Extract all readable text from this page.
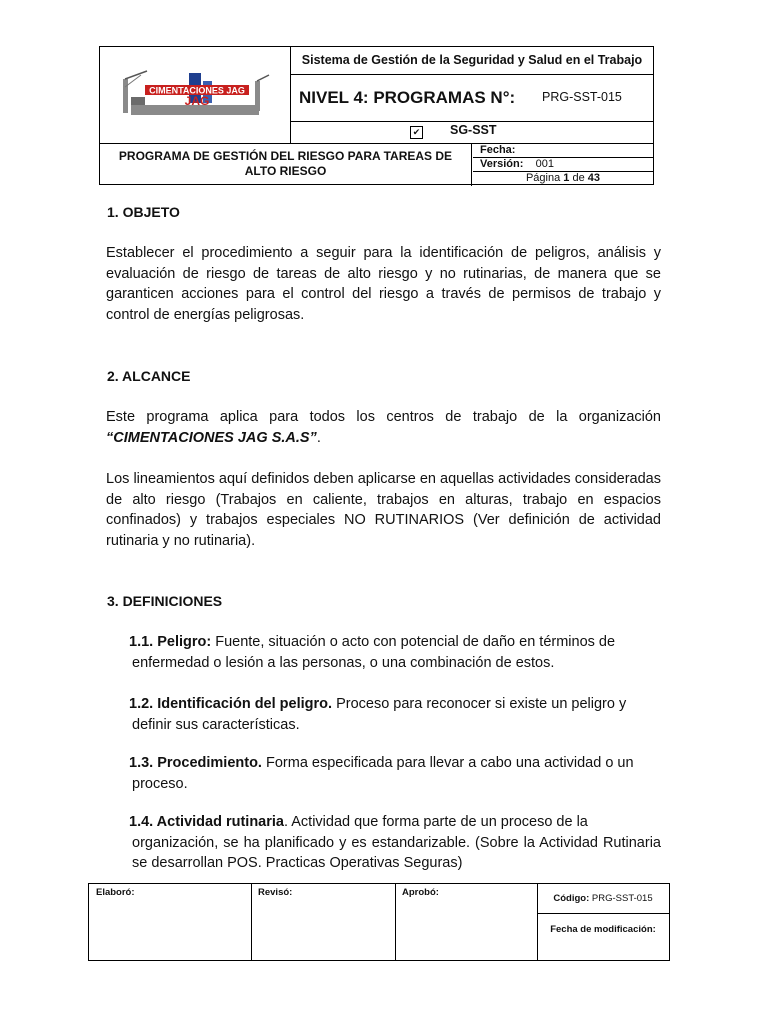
CIMENTACIONES JAG
JAG
Sistema de Gestión de la Seguridad y Salud en el Trabajo
NIVEL 4: PROGRAMAS N°: PRG-SST-015
✔ SG-SST
PROGRAMA DE GESTIÓN DEL RIESGO PARA TAREAS DE
ALTO RIESGO
Fecha:
Versión: 001
Página 1 de 43
1. OBJETO
Establecer el procedimiento a seguir para la identificación de peligros, análisis y evaluación de riesgo de tareas de alto riesgo y no rutinarias, de manera que se garanticen acciones para el control del riesgo a través de permisos de trabajo y control de energías peligrosas.
2. ALCANCE
Este programa aplica para todos los centros de trabajo de la organización “CIMENTACIONES JAG S.A.S”.
Los lineamientos aquí definidos deben aplicarse en aquellas actividades consideradas de alto riesgo (Trabajos en caliente, trabajos en alturas, trabajo en espacios confinados) y trabajos especiales NO RUTINARIOS (Ver definición de actividad rutinaria y no rutinaria).
3. DEFINICIONES
1.1. Peligro: Fuente, situación o acto con potencial de daño en términos de
enfermedad o lesión a las personas, o una combinación de estos.
1.2. Identificación del peligro. Proceso para reconocer si existe un peligro y
definir sus características.
1.3. Procedimiento. Forma especificada para llevar a cabo una actividad o un
proceso.
1.4. Actividad rutinaria. Actividad que forma parte de un proceso de la
organización, se ha planificado y es estandarizable. (Sobre la Actividad Rutinaria se desarrollan POS. Practicas Operativas Seguras)
Elaboró:	Revisó:	Aprobó:
Código: PRG-SST-015
Fecha de modificación:
